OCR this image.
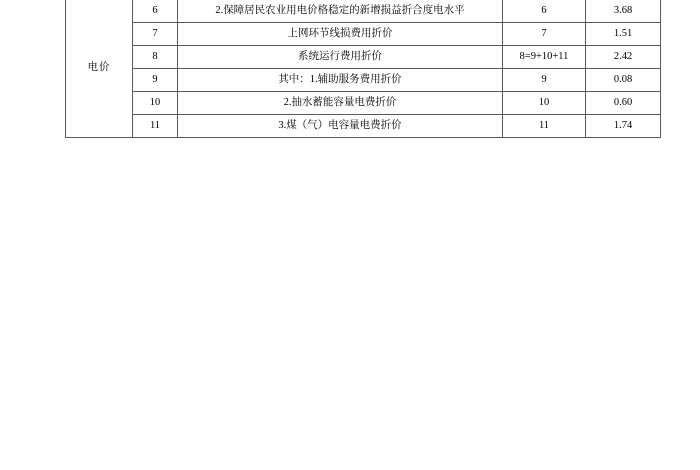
电价	6	2.保障居民农业用电价格稳定的新增损益折合度电水平	6	3.68
	7	上网环节线损费用折价	7	1.51
	8	系统运行费用折价	8=9+10+11	2.42
	9	其中：1.辅助服务费用折价	9	0.08
	10	2.抽水蓄能容量电费折价	10	0.60
	11	3.煤（气）电容量电费折价	11	1.74
